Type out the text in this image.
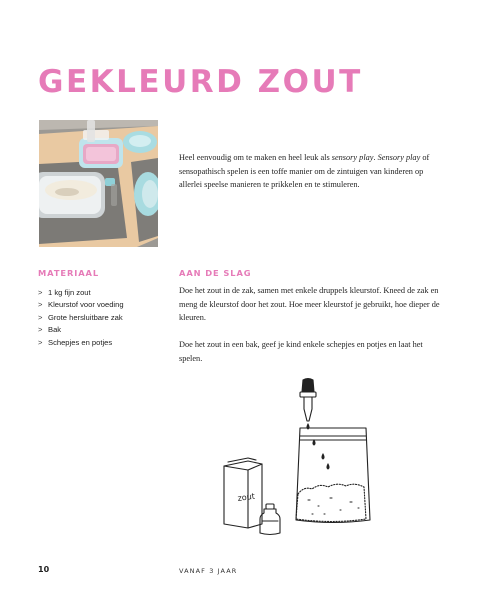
GEKLEURD ZOUT

Heel eenvoudig om te maken en heel leuk als sensory play. Sensory play of sensopathisch spelen is een toffe manier om de zintuigen van kinderen op allerlei speelse manieren te prikkelen en te stimuleren.

MATERIAAL
> 1 kg fijn zout
> Kleurstof voor voeding
> Grote hersluitbare zak
> Bak
> Schepjes en potjes
AAN DE SLAG

Doe het zout in de zak, samen met enkele druppels kleurstof. Kneed de zak en meng de kleurstof door het zout. Hoe meer kleurstof je gebruikt, hoe dieper de kleuren.

Doe het zout in een bak, geef je kind enkele schepjes en potjes en laat het spelen.

zout

10	VANAF 3 JAAR
